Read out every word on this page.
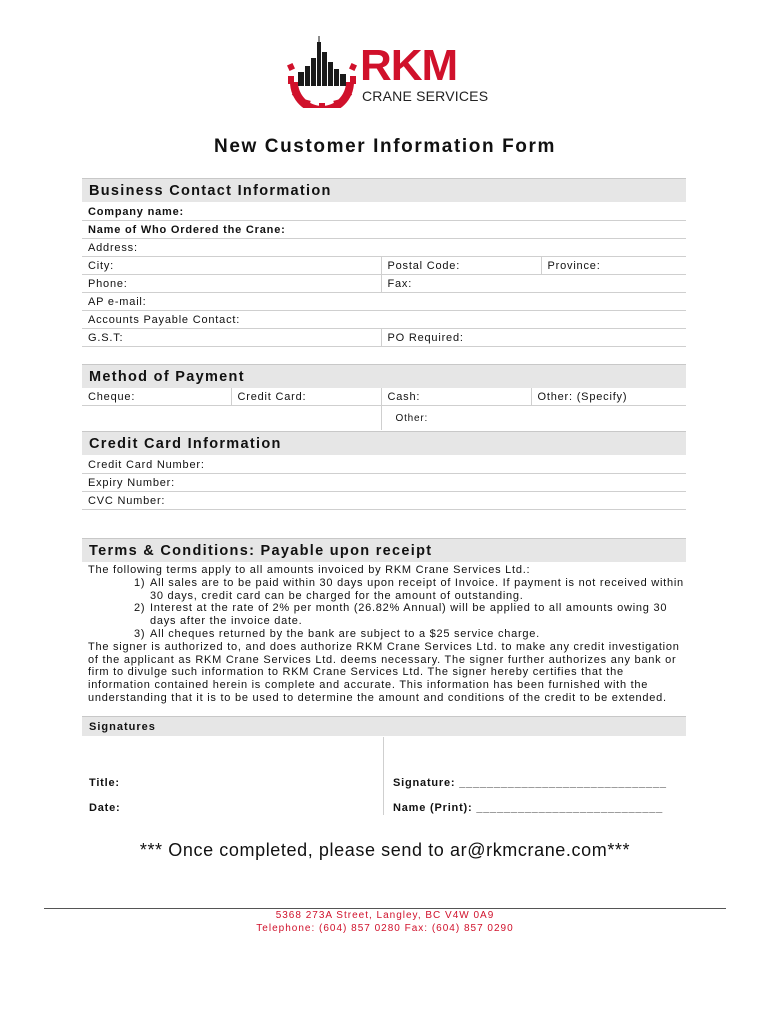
RKM
CRANE SERVICES
New Customer Information Form
Business Contact Information
Company name:		
Name of Who Ordered the Crane:		
Address:		
City:	Postal Code:	Province:
Phone:	Fax:	
AP e-mail:		
Accounts Payable Contact:		
G.S.T:	PO Required:	
Method of Payment
Cheque:	Credit Card:	Cash:	Other: (Specify)
		Other:	
Credit Card Information
Credit Card Number:
Expiry Number:
CVC Number:
Terms & Conditions: Payable upon receipt

The following terms apply to all amounts invoiced by RKM Crane Services Ltd.:

1) All sales are to be paid within 30 days upon receipt of Invoice. If payment is not received within 30 days, credit card can be charged for the amount of outstanding.
2) Interest at the rate of 2% per month (26.82% Annual) will be applied to all amounts owing 30 days after the invoice date.
3) All cheques returned by the bank are subject to a $25 service charge.

The signer is authorized to, and does authorize RKM Crane Services Ltd. to make any credit investigation of the applicant as RKM Crane Services Ltd. deems necessary. The signer further authorizes any bank or firm to divulge such information to RKM Crane Services Ltd. The signer hereby certifies that the information contained herein is complete and accurate. This information has been furnished with the understanding that it is to be used to determine the amount and conditions of the credit to be extended.

Signatures
Title:	Signature: ______________________________
Date:	Name (Print): ___________________________
*** Once completed, please send to ar@rkmcrane.com***
5368 273A Street, Langley, BC V4W 0A9
Telephone: (604) 857 0280 Fax: (604) 857 0290
